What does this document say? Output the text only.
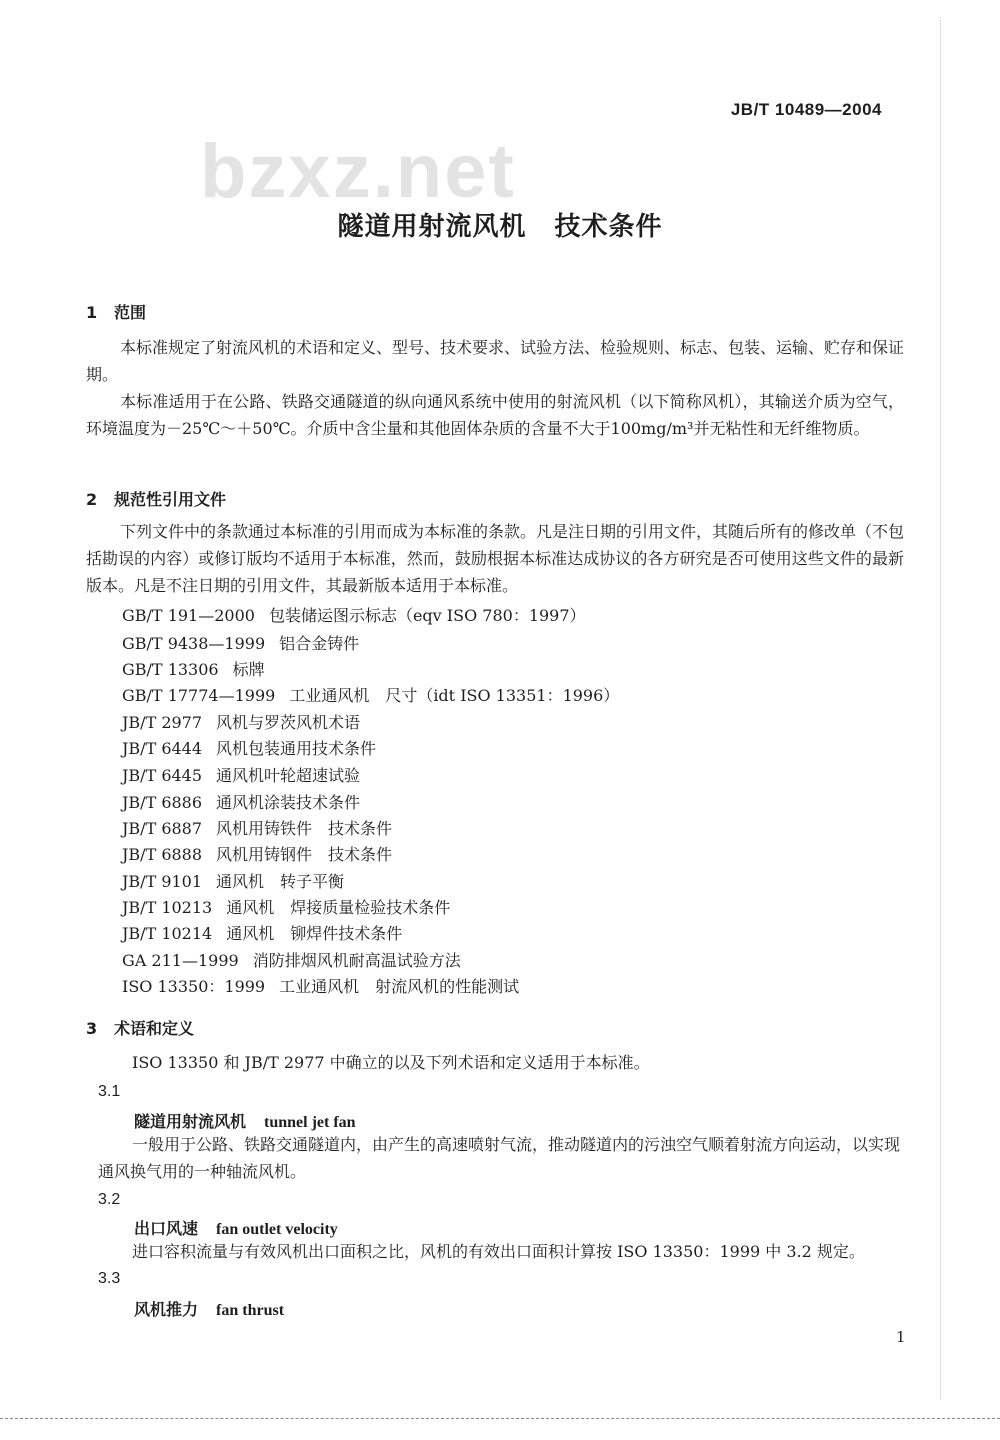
JB/T 10489—2004
bzxz.net
隧道用射流风机 技术条件
1 范围
本标准规定了射流风机的术语和定义、型号、技术要求、试验方法、检验规则、标志、包装、运输、贮存和保证期。
本标准适用于在公路、铁路交通隧道的纵向通风系统中使用的射流风机（以下简称风机），其输送介质为空气，环境温度为－25℃～＋50℃。介质中含尘量和其他固体杂质的含量不大于100mg/m³并无粘性和无纤维物质。
2 规范性引用文件
下列文件中的条款通过本标准的引用而成为本标准的条款。凡是注日期的引用文件，其随后所有的修改单（不包括勘误的内容）或修订版均不适用于本标准，然而，鼓励根据本标准达成协议的各方研究是否可使用这些文件的最新版本。凡是不注日期的引用文件，其最新版本适用于本标准。
GB/T 191—2000 包装储运图示标志（eqv ISO 780：1997）
GB/T 9438—1999 铝合金铸件
GB/T 13306 标牌
GB/T 17774—1999 工业通风机　尺寸（idt ISO 13351：1996）
JB/T 2977 风机与罗茨风机术语
JB/T 6444 风机包装通用技术条件
JB/T 6445 通风机叶轮超速试验
JB/T 6886 通风机涂装技术条件
JB/T 6887 风机用铸铁件　技术条件
JB/T 6888 风机用铸钢件　技术条件
JB/T 9101 通风机　转子平衡
JB/T 10213 通风机　焊接质量检验技术条件
JB/T 10214 通风机　铆焊件技术条件
GA 211—1999 消防排烟风机耐高温试验方法
ISO 13350：1999 工业通风机　射流风机的性能测试
3 术语和定义
ISO 13350 和 JB/T 2977 中确立的以及下列术语和定义适用于本标准。
3.1
隧道用射流风机 tunnel jet fan
一般用于公路、铁路交通隧道内，由产生的高速喷射气流，推动隧道内的污浊空气顺着射流方向运动，以实现通风换气用的一种轴流风机。
3.2
出口风速 fan outlet velocity
进口容积流量与有效风机出口面积之比，风机的有效出口面积计算按 ISO 13350：1999 中 3.2 规定。
3.3
风机推力 fan thrust
1
